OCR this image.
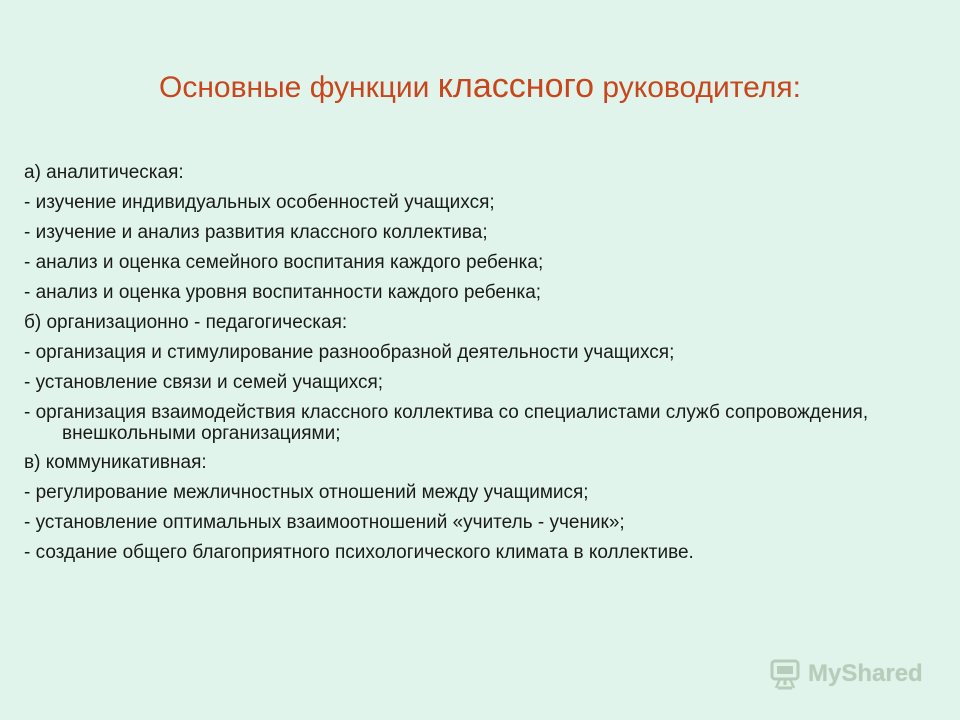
Основные функции классного руководителя:
а) аналитическая:
- изучение индивидуальных особенностей учащихся;
- изучение и анализ развития классного коллектива;
- анализ и оценка семейного воспитания каждого ребенка;
- анализ и оценка уровня воспитанности каждого ребенка;
б) организационно - педагогическая:
- организация и стимулирование разнообразной деятельности учащихся;
- установление связи и семей учащихся;
- организация взаимодействия классного коллектива со специалистами служб сопровождения, внешкольными организациями;
в) коммуникативная:
- регулирование межличностных отношений между учащимися;
- установление оптимальных взаимоотношений «учитель - ученик»;
- создание общего благоприятного психологического климата в коллективе.
MyShared
